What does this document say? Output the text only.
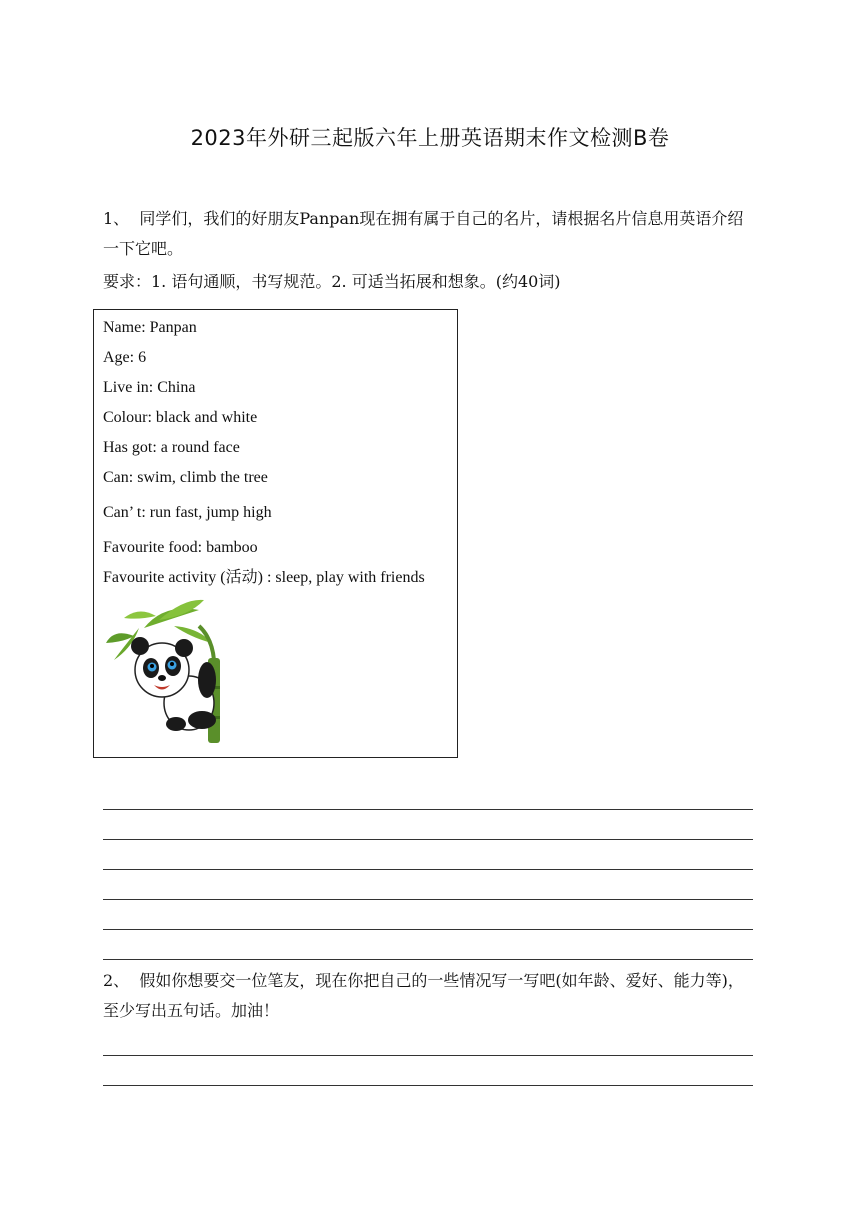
2023年外研三起版六年上册英语期末作文检测B卷
1、 同学们，我们的好朋友Panpan现在拥有属于自己的名片，请根据名片信息用英语介绍一下它吧。
要求：1. 语句通顺，书写规范。2. 可适当拓展和想象。(约40词)
Name: Panpan
Age: 6
Live in: China
Colour: black and white
Has got: a round face
Can: swim, climb the tree
Can’ t: run fast, jump high
Favourite food: bamboo
Favourite activity (活动) : sleep, play with friends
2、 假如你想要交一位笔友，现在你把自己的一些情况写一写吧(如年龄、爱好、能力等)，至少写出五句话。加油！
